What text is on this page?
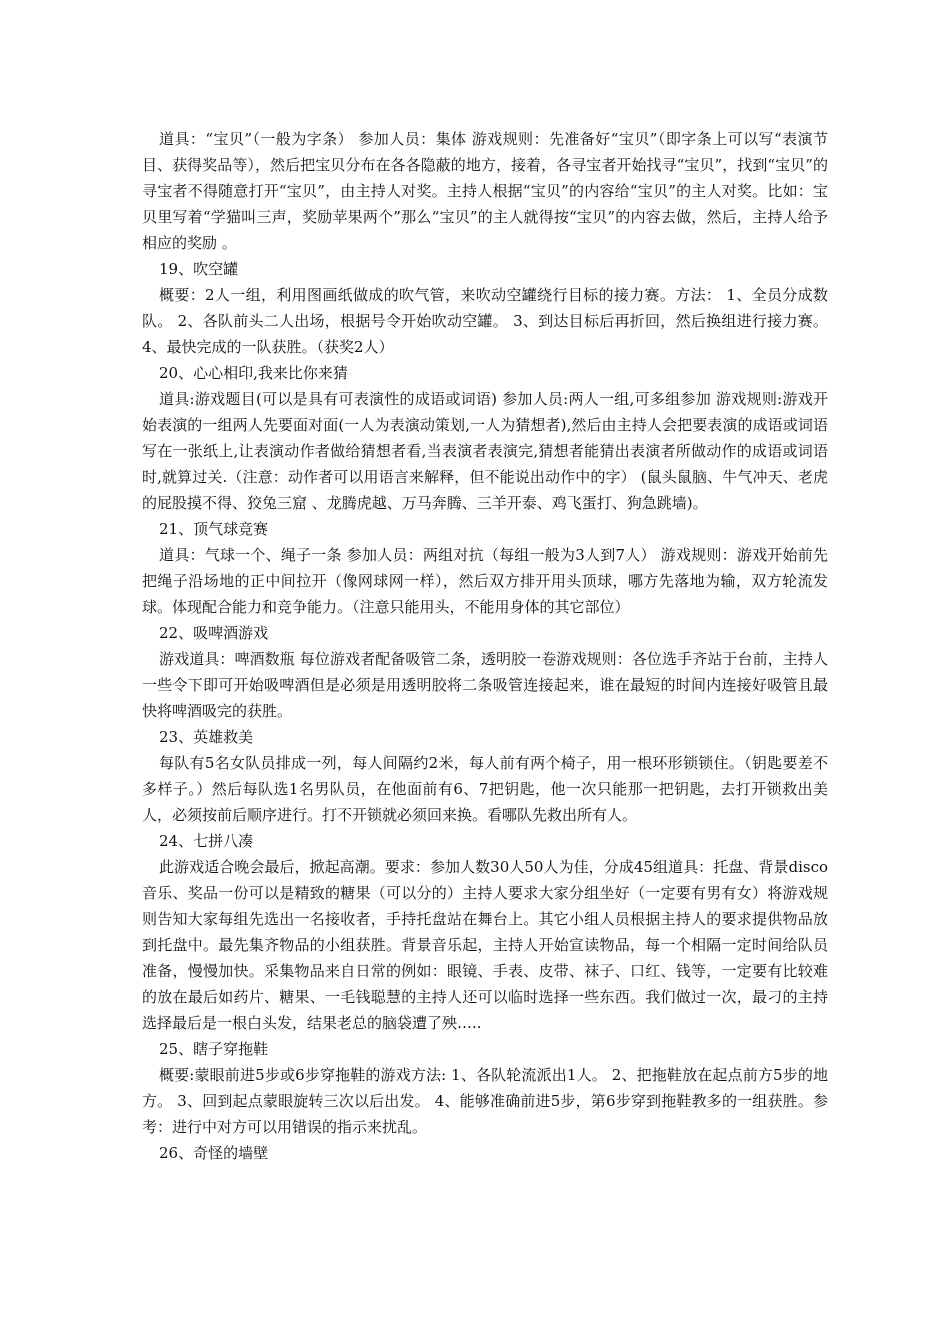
道具：“宝贝”（一般为字条） 参加人员：集体 游戏规则：先准备好“宝贝”（即字条上可以写“表演节目、获得奖品等），然后把宝贝分布在各各隐蔽的地方，接着，各寻宝者开始找寻“宝贝”，找到“宝贝”的寻宝者不得随意打开“宝贝”，由主持人对奖。主持人根据“宝贝”的内容给“宝贝”的主人对奖。比如：宝贝里写着“学猫叫三声，奖励苹果两个”那么“宝贝”的主人就得按“宝贝”的内容去做，然后，主持人给予相应的奖励 。

19、吹空罐

概要：2人一组，利用图画纸做成的吹气管，来吹动空罐绕行目标的接力赛。方法： 1、全员分成数队。 2、各队前头二人出场，根据号令开始吹动空罐。 3、到达目标后再折回，然后换组进行接力赛。 4、最快完成的一队获胜。（获奖2人）

20、心心相印,我来比你来猜

道具:游戏题目(可以是具有可表演性的成语或词语) 参加人员:两人一组,可多组参加 游戏规则:游戏开始表演的一组两人先要面对面(一人为表演动策划,一人为猜想者),然后由主持人会把要表演的成语或词语写在一张纸上,让表演动作者做给猜想者看,当表演者表演完,猜想者能猜出表演者所做动作的成语或词语时,就算过关.（注意：动作者可以用语言来解释，但不能说出动作中的字） (鼠头鼠脑、牛气冲天、老虎的屁股摸不得、狡兔三窟 、龙腾虎越、万马奔腾、三羊开泰、鸡飞蛋打、狗急跳墙)。

21、顶气球竞赛

道具：气球一个、绳子一条 参加人员：两组对抗（每组一般为3人到7人） 游戏规则：游戏开始前先把绳子沿场地的正中间拉开（像网球网一样），然后双方排开用头顶球，哪方先落地为输，双方轮流发球。体现配合能力和竞争能力。（注意只能用头，不能用身体的其它部位）

22、吸啤酒游戏

游戏道具：啤酒数瓶 每位游戏者配备吸管二条，透明胶一卷游戏规则：各位选手齐站于台前，主持人一些令下即可开始吸啤酒但是必须是用透明胶将二条吸管连接起来，谁在最短的时间内连接好吸管且最快将啤酒吸完的获胜。

23、英雄救美

每队有5名女队员排成一列，每人间隔约2米，每人前有两个椅子，用一根环形锁锁住。（钥匙要差不多样子。）然后每队选1名男队员，在他面前有6、7把钥匙，他一次只能那一把钥匙，去打开锁救出美人，必须按前后顺序进行。打不开锁就必须回来换。看哪队先救出所有人。

24、七拼八凑

此游戏适合晚会最后，掀起高潮。要求：参加人数30人50人为佳，分成45组道具：托盘、背景disco音乐、奖品一份可以是精致的糖果（可以分的）主持人要求大家分组坐好（一定要有男有女）将游戏规则告知大家每组先选出一名接收者，手持托盘站在舞台上。其它小组人员根据主持人的要求提供物品放到托盘中。最先集齐物品的小组获胜。背景音乐起，主持人开始宣读物品，每一个相隔一定时间给队员准备，慢慢加快。采集物品来自日常的例如：眼镜、手表、皮带、袜子、口红、钱等，一定要有比较难的放在最后如药片、糖果、一毛钱聪慧的主持人还可以临时选择一些东西。我们做过一次，最刁的主持选择最后是一根白头发，结果老总的脑袋遭了殃…..

25、瞎子穿拖鞋

概要:蒙眼前进5步或6步穿拖鞋的游戏方法: 1、各队轮流派出1人。 2、把拖鞋放在起点前方5步的地方。 3、回到起点蒙眼旋转三次以后出发。 4、能够准确前进5步，第6步穿到拖鞋教多的一组获胜。参考：进行中对方可以用错误的指示来扰乱。

26、奇怪的墙壁
